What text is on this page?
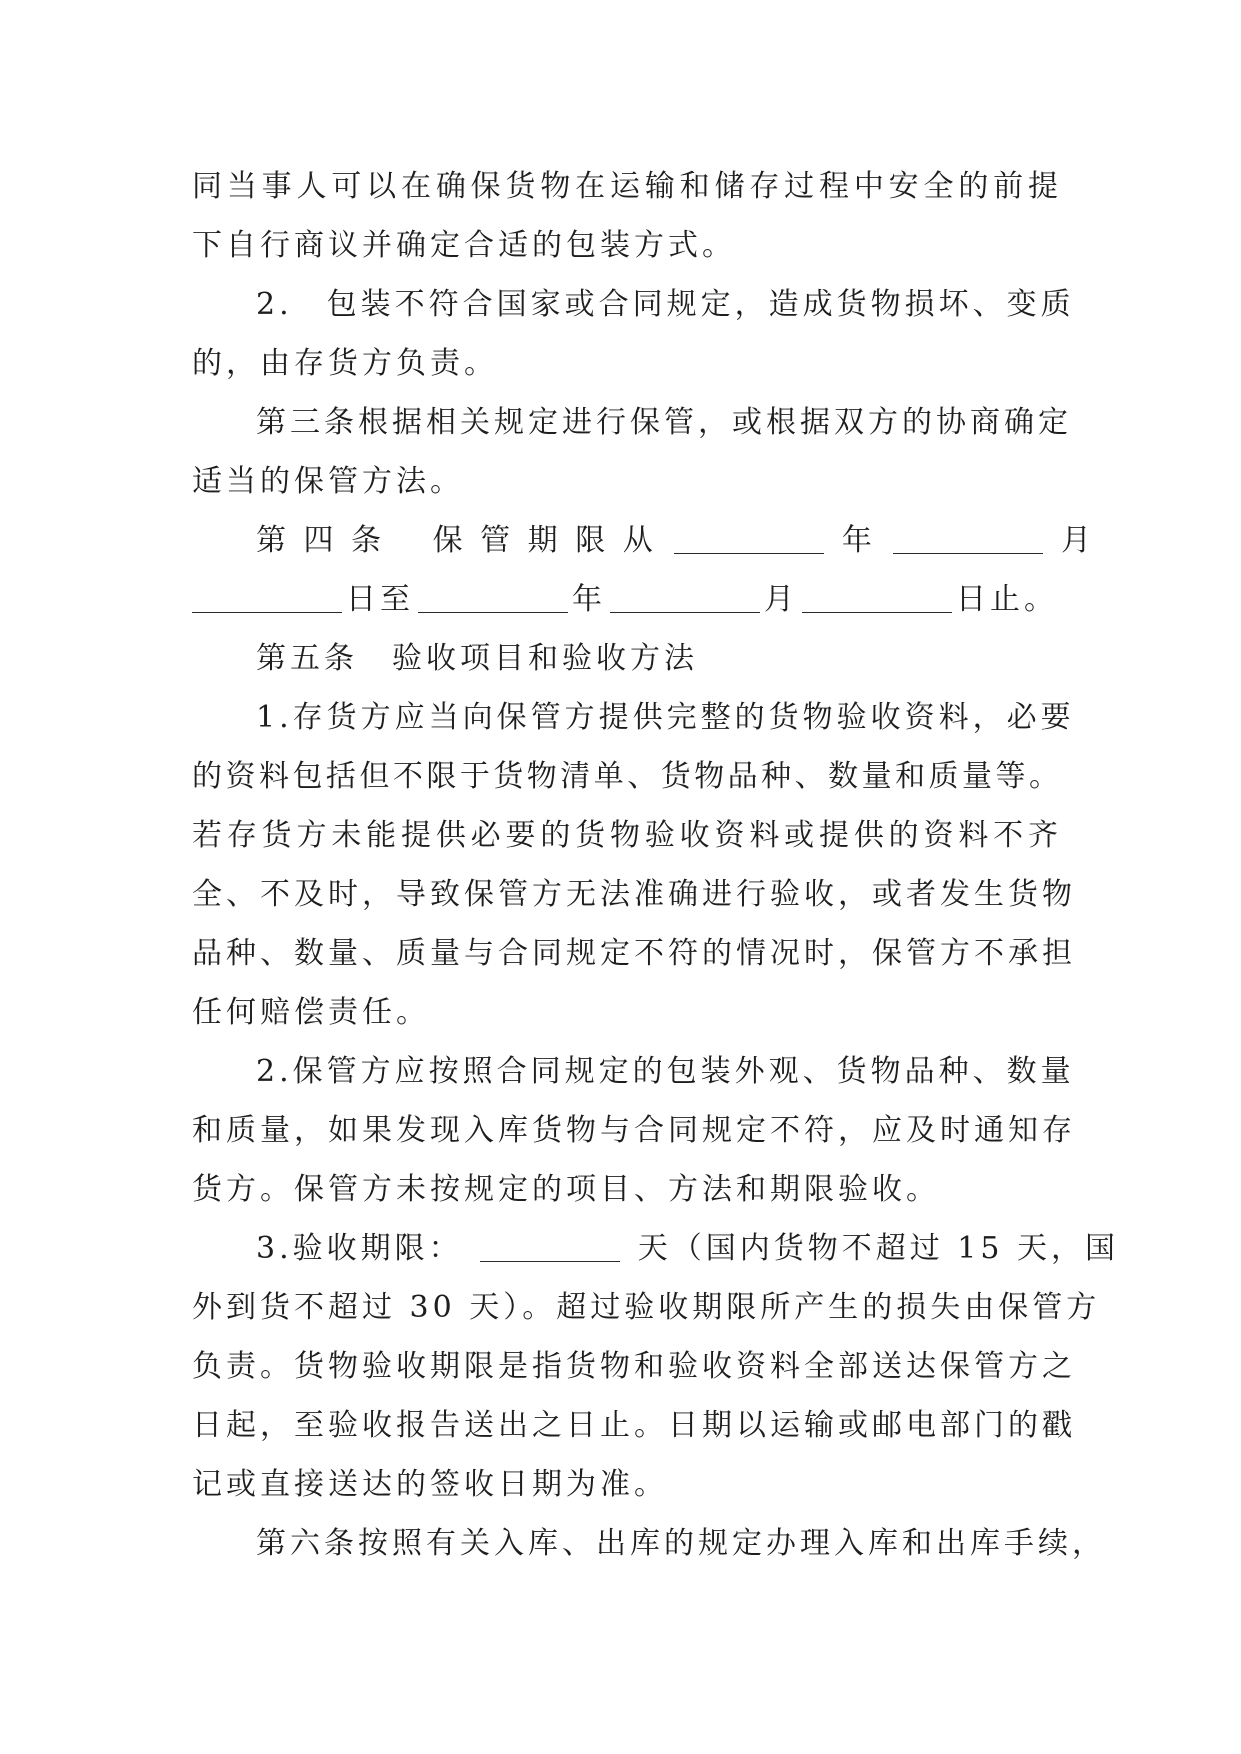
同当事人可以在确保货物在运输和储存过程中安全的前提
下自行商议并确定合适的包装方式。
2.　包装不符合国家或合同规定，造成货物损坏、变质
的，由存货方负责。
第三条根据相关规定进行保管，或根据双方的协商确定
适当的保管方法。
第 四 条　 保 管 期 限 从	年	月
日至	年	月	日止。
第五条　验收项目和验收方法
1.存货方应当向保管方提供完整的货物验收资料，必要
的资料包括但不限于货物清单、货物品种、数量和质量等。
若存货方未能提供必要的货物验收资料或提供的资料不齐
全、不及时，导致保管方无法准确进行验收，或者发生货物
品种、数量、质量与合同规定不符的情况时，保管方不承担
任何赔偿责任。
2.保管方应按照合同规定的包装外观、货物品种、数量
和质量，如果发现入库货物与合同规定不符，应及时通知存
货方。保管方未按规定的项目、方法和期限验收。
3.验收期限：	天（国内货物不超过 15 天，国
外到货不超过 30 天）。超过验收期限所产生的损失由保管方
负责。货物验收期限是指货物和验收资料全部送达保管方之
日起，至验收报告送出之日止。日期以运输或邮电部门的戳
记或直接送达的签收日期为准。
第六条按照有关入库、出库的规定办理入库和出库手续，
